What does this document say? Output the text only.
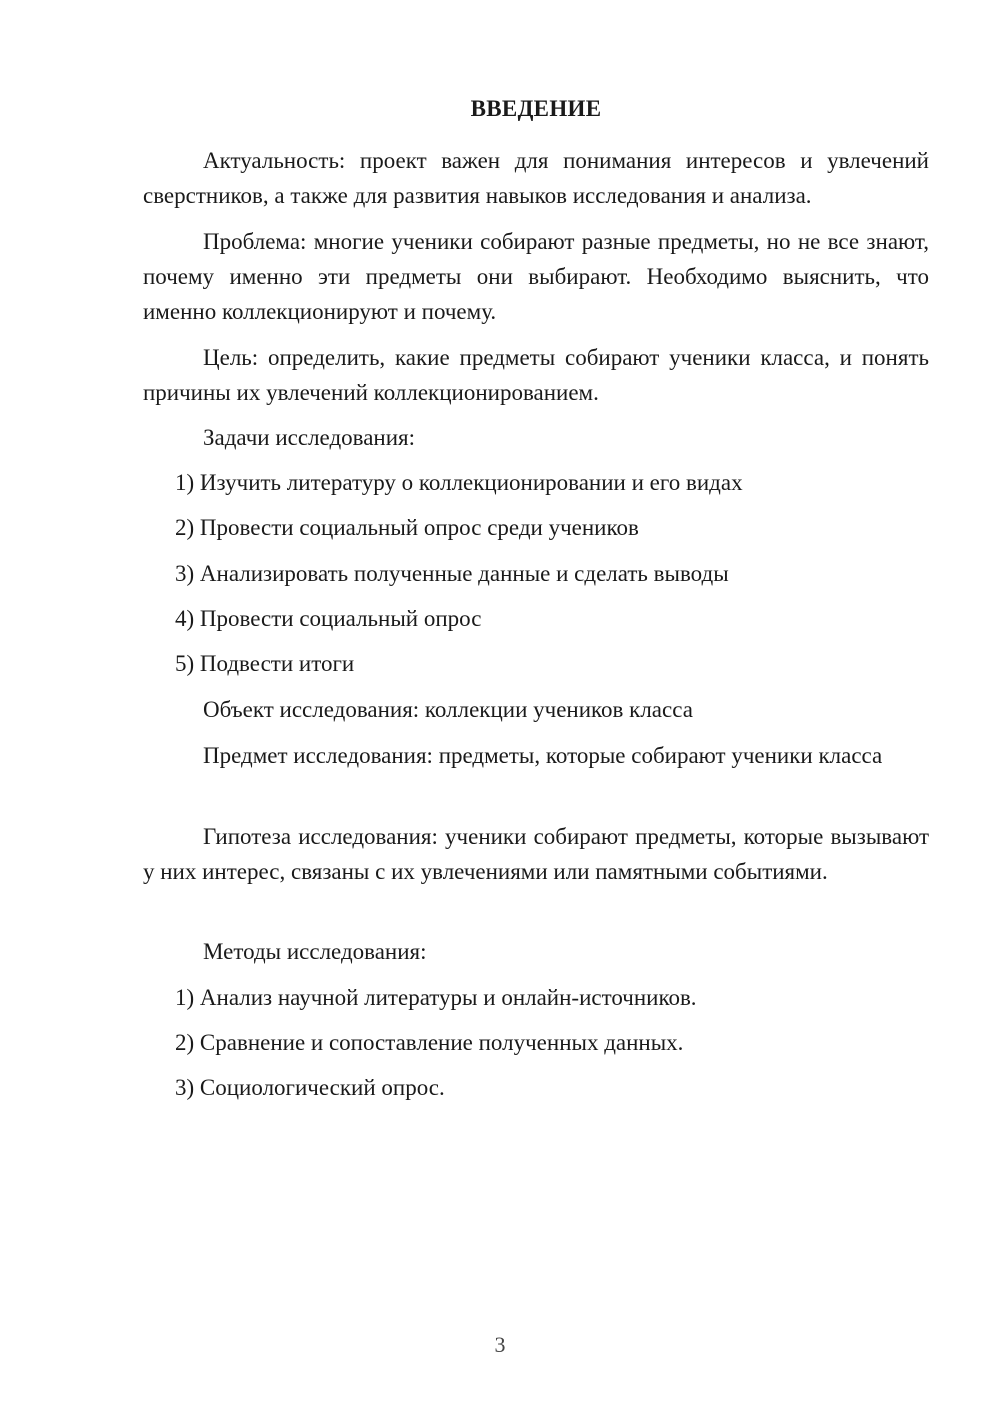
ВВЕДЕНИЕ

Актуальность: проект важен для понимания интересов и увлечений сверстников, а также для развития навыков исследования и анализа.

Проблема: многие ученики собирают разные предметы, но не все знают, почему именно эти предметы они выбирают. Необходимо выяснить, что именно коллекционируют и почему.

Цель: определить, какие предметы собирают ученики класса, и понять причины их увлечений коллекционированием.

Задачи исследования:

1) Изучить литературу о коллекционировании и его видах

2) Провести социальный опрос среди учеников

3) Анализировать полученные данные и сделать выводы

4) Провести социальный опрос

5) Подвести итоги

Объект исследования: коллекции учеников класса

Предмет исследования: предметы, которые собирают ученики класса

Гипотеза исследования: ученики собирают предметы, которые вызывают у них интерес, связаны с их увлечениями или памятными событиями.

Методы исследования:

1) Анализ научной литературы и онлайн-источников.

2) Сравнение и сопоставление полученных данных.

3) Социологический опрос.

3
